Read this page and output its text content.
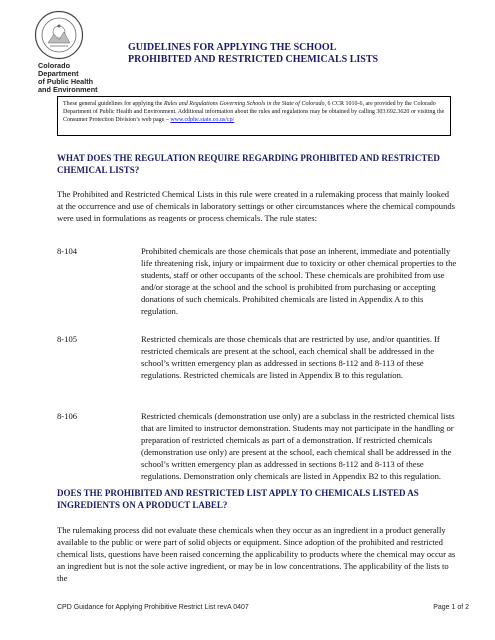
Colorado Department
of Public Health
and Environment
GUIDELINES FOR APPLYING THE SCHOOL
PROHIBITED AND RESTRICTED CHEMICALS LISTS
These general guidelines for applying the Rules and Regulations Governing Schools in the State of Colorado, 6 CCR 1010-6, are provided by the Colorado Department of Public Health and Environment. Additional information about the rules and regulations may be obtained by calling 303.692.3620 or visiting the Consumer Protection Division’s web page – www.cdphe.state.co.us/cp/
WHAT DOES THE REGULATION REQUIRE REGARDING PROHIBITED AND RESTRICTED CHEMICAL LISTS?
The Prohibited and Restricted Chemical Lists in this rule were created in a rulemaking process that mainly looked at the occurrence and use of chemicals in laboratory settings or other circumstances where the chemical compounds were used in formulations as reagents or process chemicals. The rule states:
8-104	Prohibited chemicals are those chemicals that pose an inherent, immediate and potentially life threatening risk, injury or impairment due to toxicity or other chemical properties to the students, staff or other occupants of the school. These chemicals are prohibited from use and/or storage at the school and the school is prohibited from purchasing or accepting donations of such chemicals. Prohibited chemicals are listed in Appendix A to this regulation.
8-105	Restricted chemicals are those chemicals that are restricted by use, and/or quantities. If restricted chemicals are present at the school, each chemical shall be addressed in the school’s written emergency plan as addressed in sections 8-112 and 8-113 of these regulations. Restricted chemicals are listed in Appendix B to this regulation.
8-106	Restricted chemicals (demonstration use only) are a subclass in the restricted chemical lists that are limited to instructor demonstration. Students may not participate in the handling or preparation of restricted chemicals as part of a demonstration. If restricted chemicals (demonstration use only) are present at the school, each chemical shall be addressed in the school’s written emergency plan as addressed in sections 8-112 and 8-113 of these regulations. Demonstration only chemicals are listed in Appendix B2 to this regulation.
DOES THE PROHIBITED AND RESTRICTED LIST APPLY TO CHEMICALS LISTED AS INGREDIENTS ON A PRODUCT LABEL?
The rulemaking process did not evaluate these chemicals when they occur as an ingredient in a product generally available to the public or were part of solid objects or equipment. Since adoption of the prohibited and restricted chemical lists, questions have been raised concerning the applicability to products where the chemical may occur as an ingredient but is not the sole active ingredient, or may be in low concentrations. The applicability of the lists to the
CPD Guidance for Applying Prohibitive Restrict List revA 0407	Page 1 of 2
